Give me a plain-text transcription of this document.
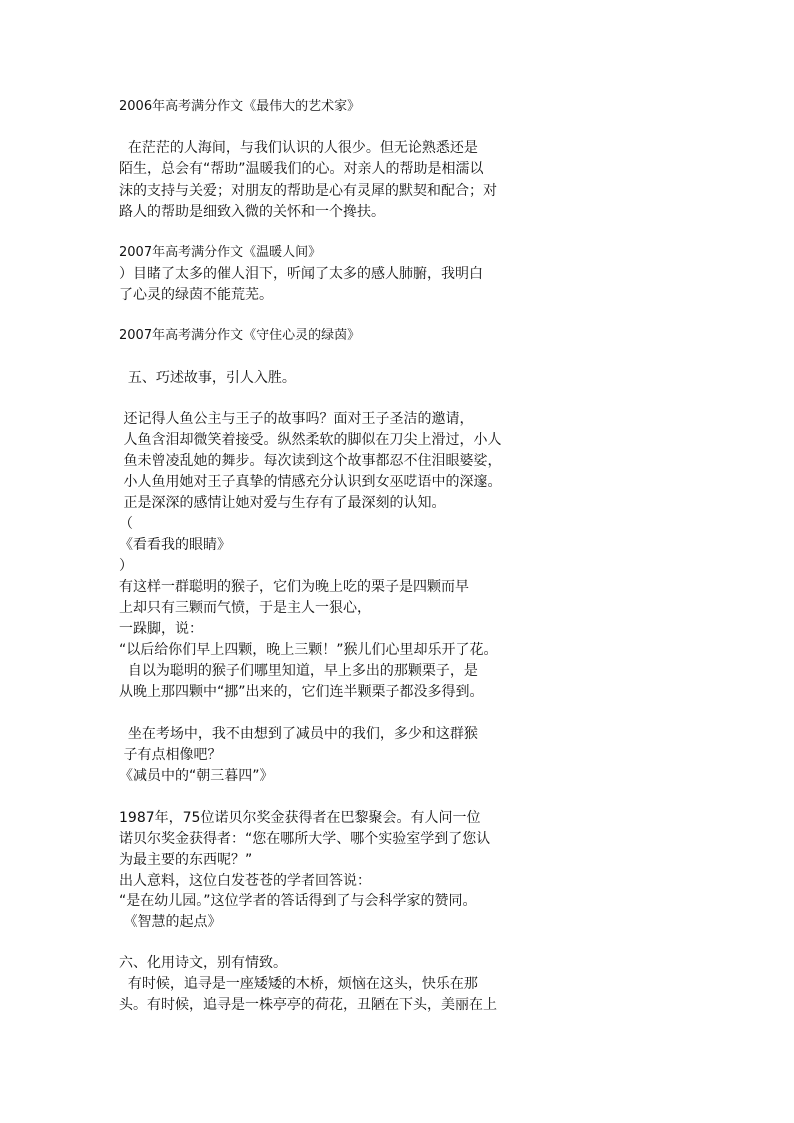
2006年高考满分作文《最伟大的艺术家》
在茫茫的人海间，与我们认识的人很少。但无论熟悉还是
陌生，总会有“帮助”温暖我们的心。对亲人的帮助是相濡以
沫的支持与关爱；对朋友的帮助是心有灵犀的默契和配合；对
路人的帮助是细致入微的关怀和一个搀扶。
2007年高考满分作文《温暖人间》
）目睹了太多的催人泪下，听闻了太多的感人肺腑，我明白
了心灵的绿茵不能荒芜。
2007年高考满分作文《守住心灵的绿茵》
五、巧述故事，引人入胜。
还记得人鱼公主与王子的故事吗？面对王子圣洁的邀请，
人鱼含泪却微笑着接受。纵然柔软的脚似在刀尖上滑过，小人
鱼未曾凌乱她的舞步。每次读到这个故事都忍不住泪眼婆娑，
小人鱼用她对王子真挚的情感充分认识到女巫呓语中的深邃。
正是深深的感情让她对爱与生存有了最深刻的认知。
（
《看看我的眼睛》
）
有这样一群聪明的猴子，它们为晚上吃的栗子是四颗而早
上却只有三颗而气愤，于是主人一狠心，
一跺脚，说：
“以后给你们早上四颗，晚上三颗！”猴儿们心里却乐开了花。
自以为聪明的猴子们哪里知道，早上多出的那颗栗子，是
从晚上那四颗中“挪”出来的，它们连半颗栗子都没多得到。
坐在考场中，我不由想到了减员中的我们，多少和这群猴
子有点相像吧？
《减员中的“朝三暮四”》
1987年，75位诺贝尔奖金获得者在巴黎聚会。有人问一位
诺贝尔奖金获得者：“您在哪所大学、哪个实验室学到了您认
为最主要的东西呢？”
出人意料，这位白发苍苍的学者回答说：
“是在幼儿园。”这位学者的答话得到了与会科学家的赞同。
《智慧的起点》
六、化用诗文，别有情致。
有时候，追寻是一座矮矮的木桥，烦恼在这头，快乐在那
头。有时候，追寻是一株亭亭的荷花，丑陋在下头，美丽在上
